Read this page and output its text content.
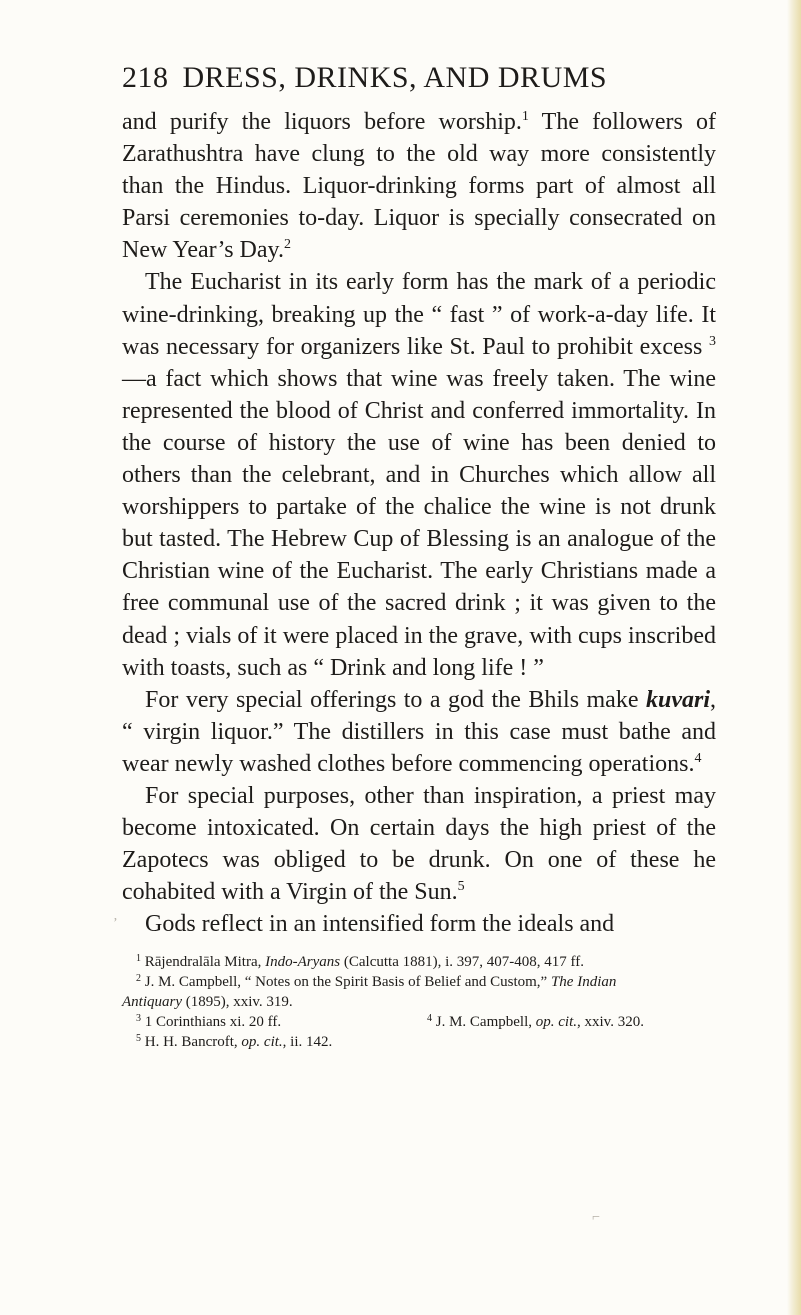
’
⌐
218 DRESS, DRINKS, AND DRUMS

and purify the liquors before worship.$^1$ The followers of Zarathushtra have clung to the old way more consistently than the Hindus. Liquor-drinking forms part of almost all Parsi ceremonies to-day. Liquor is specially consecrated on New Year’s Day.$^2$

The Eucharist in its early form has the mark of a periodic wine-drinking, breaking up the “ fast ” of work-a-day life. It was necessary for organizers like St. Paul to prohibit excess $^3$—a fact which shows that wine was freely taken. The wine represented the blood of Christ and conferred immortality. In the course of history the use of wine has been denied to others than the celebrant, and in Churches which allow all worshippers to partake of the chalice the wine is not drunk but tasted. The Hebrew Cup of Blessing is an analogue of the Christian wine of the Eucharist. The early Christians made a free communal use of the sacred drink ; it was given to the dead ; vials of it were placed in the grave, with cups inscribed with toasts, such as “ Drink and long life ! ”

For very special offerings to a god the Bhils make kuvari, “ virgin liquor.” The distillers in this case must bathe and wear newly washed clothes before commencing operations.$^4$

For special purposes, other than inspiration, a priest may become intoxicated. On certain days the high priest of the Zapotecs was obliged to be drunk. On one of these he cohabited with a Virgin of the Sun.$^5$

Gods reflect in an intensified form the ideals and

$^1$ Rājendralāla Mitra, Indo-Aryans (Calcutta 1881), i. 397, 407-408, 417 ff.
$^2$ J. M. Campbell, “ Notes on the Spirit Basis of Belief and Custom,” The Indian
Antiquary (1895), xxiv. 319.
$^3$ 1 Corinthians xi. 20 ff.	$^4$ J. M. Campbell, op. cit., xxiv. 320.
$^5$ H. H. Bancroft, op. cit., ii. 142.
